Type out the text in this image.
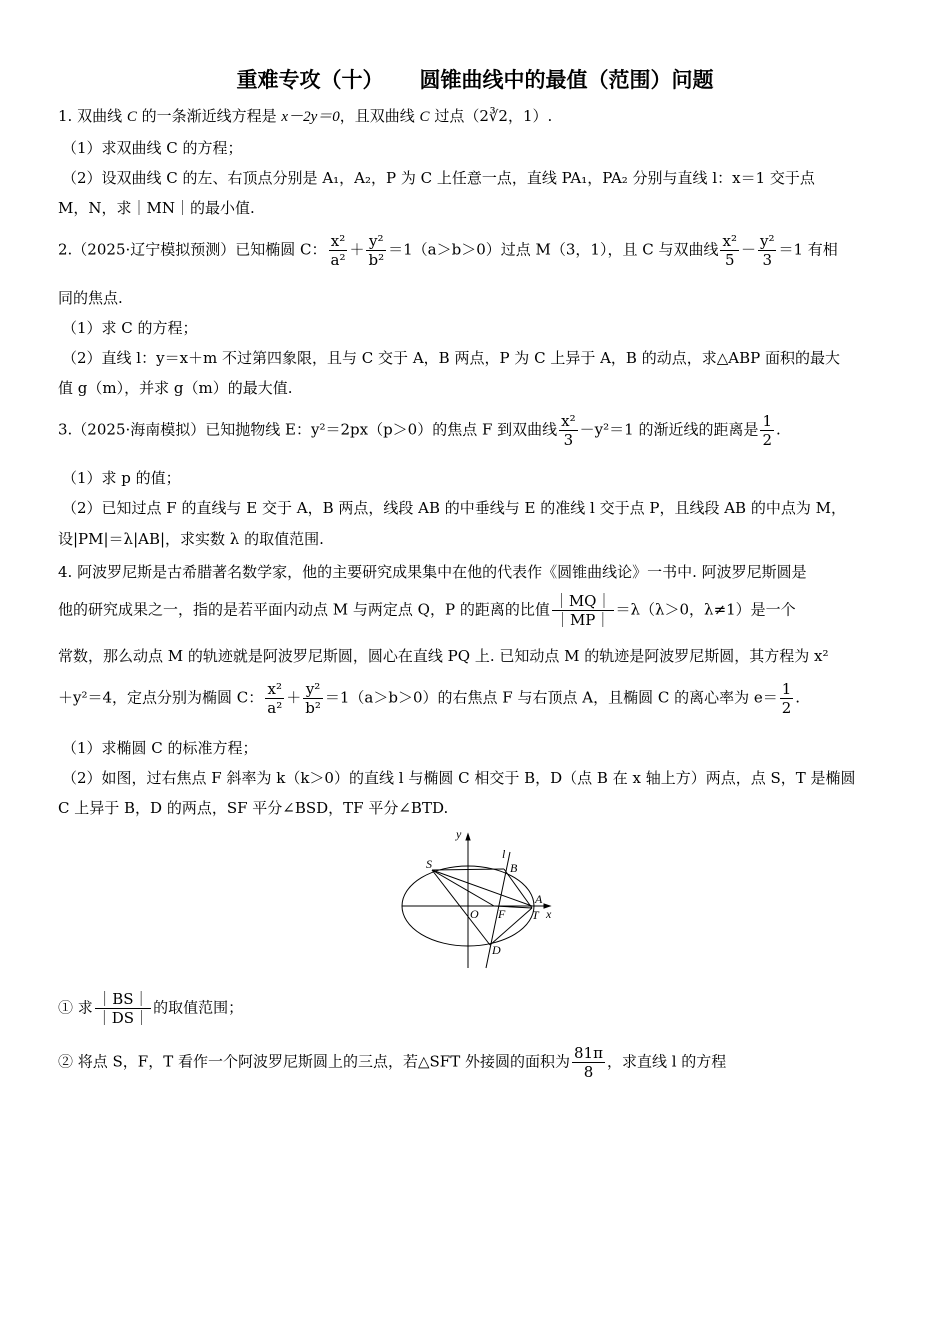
重难专攻（十） 圆锥曲线中的最值（范围）问题
1. 双曲线 C 的一条渐近线方程是 x－2y＝0，且双曲线 C 过点（2∛2，1）.
（1）求双曲线 C 的方程；
（2）设双曲线 C 的左、右顶点分别是 A₁，A₂，P 为 C 上任意一点，直线 PA₁，PA₂ 分别与直线 l：x＝1 交于点
M，N，求｜MN｜的最小值.
2.（2025·辽宁模拟预测）已知椭圆 C： $\frac{\text{x²}}{\text{a²}} + \frac{\text{y²}}{\text{b²}} =1(a>b>0)$过点 M（3，1），且 C 与双曲线 $\frac{\text{x²}}{5} - \frac{\text{y²}}{3} =1$ 有相
同的焦点.
（1）求 C 的方程；
（2）直线 l：y＝x＋m 不过第四象限，且与 C 交于 A，B 两点，P 为 C 上异于 A，B 的动点，求△ABP 面积的最大
值 g（m），并求 g（m）的最大值.
3.（2025·海南模拟）已知抛物线 E：y²＝2px（p＞0）的焦点 F 到双曲线 $\frac{\text{x²}}{3} -y^2=1$ 的渐近线的距离是 $\frac{1}{2}$ .
（1）求 p 的值；
（2）已知过点 F 的直线与 E 交于 A，B 两点，线段 AB 的中垂线与 E 的准线 l 交于点 P，且线段 AB 的中点为 M，
设|PM|＝λ|AB|，求实数 λ 的取值范围.
4. 阿波罗尼斯是古希腊著名数学家，他的主要研究成果集中在他的代表作《圆锥曲线论》一书中. 阿波罗尼斯圆是
他的研究成果之一，指的是若平面内动点 M 与两定点 Q，P 的距离的比值 $\frac{|MQ|}{|MP|} =\lambda(\lambda>0$，λ≠1）是一个
常数，那么动点 M 的轨迹就是阿波罗尼斯圆，圆心在直线 PQ 上. 已知动点 M 的轨迹是阿波罗尼斯圆，其方程为 x²
＋y²＝4，定点分别为椭圆 C： $\frac{\text{x²}}{\text{a²}} + \frac{\text{y²}}{\text{b²}} =1(a>b>0)$的右焦点 F 与右顶点 A，且椭圆 C 的离心率为 $e= \frac{1}{2}$ .
（1）求椭圆 C 的标准方程；
（2）如图，过右焦点 F 斜率为 k（k＞0）的直线 l 与椭圆 C 相交于 B，D（点 B 在 x 轴上方）两点，点 S，T 是椭圆
C 上异于 B，D 的两点，SF 平分∠BSD，TF 平分∠BTD.
y
x
O
S	B
l
A
T
F
D
① 求 $\frac{|BS|}{|DS|}$ 的取值范围；
② 将点 S，F，T 看作一个阿波罗尼斯圆上的三点，若△SFT 外接圆的面积为 $\frac{81\pi}{8}$ ，求直线 l 的方程
